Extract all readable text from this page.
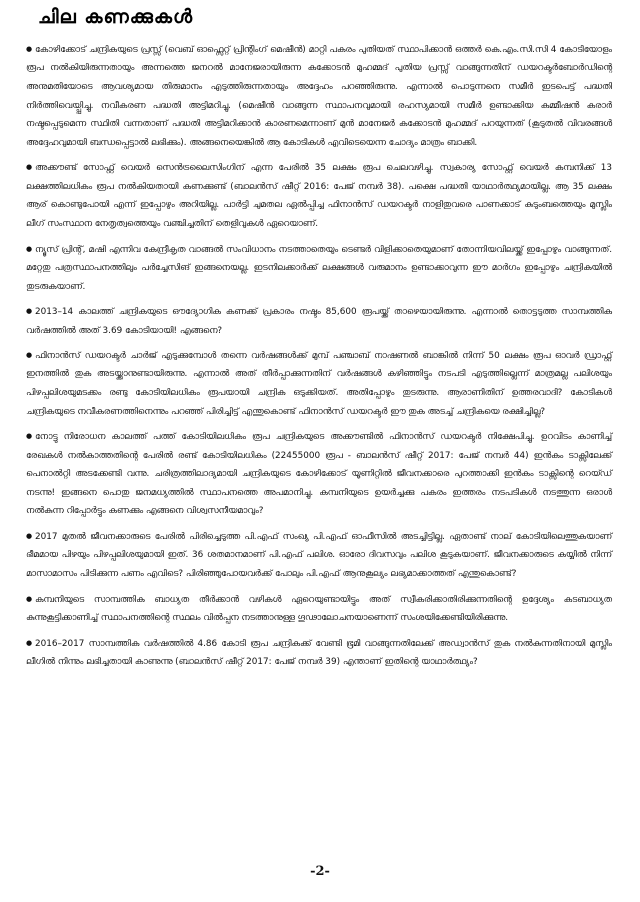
ചില കണക്കുകൾ

● കോഴിക്കോട് ചന്ദ്രികയുടെ പ്രസ്സ് (വെബ് ഓഫ്സെറ്റ് പ്രിന്റിംഗ് മെഷീൻ) മാറ്റി പകരം പുതിയത് സ്ഥാപിക്കാൻ ഒത്തർ കെ.എം.സി.സി 4 കോടിയോളം രൂപ നൽകിയിരുന്നതായും അന്നത്തെ ജനറൽ മാനേജരായിരുന്ന കക്കോടൻ മുഹമ്മദ് പുതിയ പ്രസ്സ് വാങ്ങുന്നതിന് ഡയറക്ടർബോർഡിന്റെ അനുമതിയോടെ ആവശ്യമായ തിരുമാനം എടുത്തിരുന്നതായും അദ്ദേഹം പറഞ്ഞിരുന്നു. എന്നാൽ പൊടുന്നനെ സമീർ ഇടപെട്ട് പദ്ധതി നിർത്തിവെയ്പ്പിച്ചു. നവീകരണ പദ്ധതി അട്ടിമറിച്ചു. (മെഷീൻ വാങ്ങുന്ന സ്ഥാപനവുമായി രഹസ്യമായി സമീർ ഉണ്ടാക്കിയ കമ്മീഷൻ കരാർ നഷ്ടപ്പെടുമെന്ന സ്ഥിതി വന്നതാണ് പദ്ധതി അട്ടിമറിക്കാൻ കാരണമെന്നാണ് മുൻ മാനേജർ കക്കോടൻ മുഹമ്മദ് പറയുന്നത് (കൂടുതൽ വിവരങ്ങൾ അദ്ദേഹവുമായി ബന്ധപ്പെട്ടാൽ ലഭിക്കും). അങ്ങനെയെങ്കിൽ ആ കോടികൾ എവിടെയെന്ന ചോദ്യം മാത്രം ബാക്കി.

● അക്കൗണ്ട് സോഫ്റ്റ് വെയർ സെൻട്രലൈസിംഗിന് എന്ന പേരിൽ 35 ലക്ഷം രൂപ ചെലവഴിച്ചു. സ്വകാര്യ സോഫ്റ്റ് വെയർ കമ്പനിക്ക് 13 ലക്ഷത്തിലധികം രൂപ നൽകിയതായി കണക്കുണ്ട് (ബാലൻസ് ഷീറ്റ് 2016: പേജ് നമ്പർ 38). പക്ഷെ പദ്ധതി യാഥാർത്ഥ്യമായില്ല. ആ 35 ലക്ഷം ആര് കൊണ്ടുപോയി എന്ന് ഇപ്പോഴും അറിയില്ല. പാർട്ടി ചുമതല ഏൽപ്പിച്ച ഫിനാൻസ് ഡയറക്ടർ നാളിതുവരെ പാണക്കാട് കുടുംബത്തെയും മുസ്ലിം ലീഗ് സംസ്ഥാന നേതൃത്വത്തെയും വഞ്ചിച്ചതിന് തെളിവുകൾ ഏറെയാണ്.

● ന്യൂസ് പ്രിന്റ്, മഷി എന്നിവ കേന്ദ്രീകൃത വാങ്ങൽ സംവിധാനം നടത്താതെയും ടെണ്ടർ വിളിക്കാതെയുമാണ് തോന്നിയവിലയ്ക്ക് ഇപ്പോഴും വാങ്ങുന്നത്. മറ്റേതു പത്രസ്ഥാപനത്തിലും പർച്ചേസിങ് ഇങ്ങനെയല്ല. ഇടനിലക്കാർക്ക് ലക്ഷങ്ങൾ വരുമാനം ഉണ്ടാക്കാവുന്ന ഈ മാർഗം ഇപ്പോഴും ചന്ദ്രികയിൽ തുടരുകയാണ്.

● 2013–14 കാലത്ത് ചന്ദ്രികയുടെ ഔദ്യോഗിക കണക്ക് പ്രകാരം നഷ്ടം 85,600 രൂപയ്ക്ക് താഴെയായിരുന്നു. എന്നാൽ തൊട്ടടുത്ത സാമ്പത്തിക വർഷത്തിൽ അത് 3.69 കോടിയായി! എങ്ങനെ?

● ഫിനാൻസ് ഡയറക്ടർ ചാർജ് എടുക്കുമ്പോൾ തന്നെ വർഷങ്ങൾക്ക് മുമ്പ് പഞ്ചാബ് നാഷണൽ ബാങ്കിൽ നിന്ന് 50 ലക്ഷം രൂപ ഓവർ ഡ്രാഫ്റ്റ് ഇനത്തിൽ തുക അടയ്ക്കാനുണ്ടായിരുന്നു. എന്നാൽ അത് തീർപ്പാക്കുന്നതിന് വർഷങ്ങൾ കഴിഞ്ഞിട്ടും നടപടി എടുത്തില്ലെന്ന് മാത്രമല്ല പലിശയും പിഴപ്പലിശയുമടക്കം രണ്ടു കോടിയിലധികം രൂപയായി ചന്ദ്രിക ഒടുക്കിയത്. അതിപ്പോഴും തുടരുന്നു. ആരാണിതിന് ഉത്തരവാദി? കോടികൾ ചന്ദ്രികയുടെ നവീകരണത്തിനെന്നും പറഞ്ഞ് പിരിച്ചിട്ട് എന്തുകൊണ്ട് ഫിനാൻസ് ഡയറക്ടർ ഈ തുക അടച്ച് ചന്ദ്രികയെ രക്ഷിച്ചില്ല?

● നോട്ടു നിരോധന കാലത്ത് പത്ത് കോടിയിലധികം രൂപ ചന്ദ്രികയുടെ അക്കൗണ്ടിൽ ഫിനാൻസ് ഡയറക്ടർ നിക്ഷേപിച്ചു. ഉറവിടം കാണിച്ച് രേഖകൾ നൽകാത്തതിന്റെ പേരിൽ രണ്ട് കോടിയിലധികം (22455000 രൂപ - ബാലൻസ് ഷീറ്റ് 2017: പേജ് നമ്പർ 44) ഇൻകം ടാക്സിലേക്ക് പെനാൽറ്റി അടക്കേണ്ടി വന്നു. ചരിത്രത്തിലാദ്യമായി ചന്ദ്രികയുടെ കോഴിക്കോട് യൂണിറ്റിൽ ജീവനക്കാരെ പുറത്താക്കി ഇൻകം ടാക്സിന്റെ റെയ്ഡ് നടന്നു! ഇങ്ങനെ പൊതു ജനമധ്യത്തിൽ സ്ഥാപനത്തെ അപമാനിച്ചു. കമ്പനിയുടെ ഉയർച്ചക്കു പകരം ഇത്തരം നടപടികൾ നടത്തുന്ന ഒരാൾ നൽകുന്ന റിപ്പോർട്ടും കണക്കും എങ്ങനെ വിശ്വസനീയമാവും?

● 2017 മുതൽ ജീവനക്കാരുടെ പേരിൽ പിരിച്ചെടുത്ത പി.എഫ് സംഖ്യ പി.എഫ് ഓഫീസിൽ അടച്ചിട്ടില്ല. ഏതാണ്ട് നാല് കോടിയിലെത്തുകയാണ് ഭീമമായ പിഴയും പിഴപ്പലിശയുമായി ഇത്. 36 ശതമാനമാണ് പി.എഫ് പലിശ. ഓരോ ദിവസവും പലിശ കൂടുകയാണ്. ജീവനക്കാരുടെ കയ്യിൽ നിന്ന് മാസാമാസം പിടിക്കുന്ന പണം എവിടെ? പിരിഞ്ഞുപോയവർക്ക് പോലും പി.എഫ് ആനുകൂല്യം ലഭ്യമാക്കാത്തത് എന്തുകൊണ്ട്?

● കമ്പനിയുടെ സാമ്പത്തിക ബാധ്യത തീർക്കാൻ വഴികൾ ഏറെയുണ്ടായിട്ടും അത് സ്വീകരിക്കാതിരിക്കുന്നതിന്റെ ഉദ്ദേശ്യം കടബാധ്യത കുന്നുകൂട്ടിക്കാണിച്ച് സ്ഥാപനത്തിന്റെ സ്ഥലം വിൽപ്പന നടത്താനുള്ള ഗൂഢാലോചനയാണെന്ന് സംശയിക്കേണ്ടിയിരിക്കുന്നു.

● 2016–2017 സാമ്പത്തിക വർഷത്തിൽ 4.86 കോടി രൂപ ചന്ദ്രികക്ക് വേണ്ടി ഭൂമി വാങ്ങുന്നതിലേക്ക് അഡ്വാൻസ് തുക നൽകുന്നതിനായി മുസ്ലിം ലീഗിൽ നിന്നും ലഭിച്ചതായി കാണുന്നു (ബാലൻസ് ഷീറ്റ് 2017: പേജ് നമ്പർ 39) എന്താണ് ഇതിന്റെ യാഥാർത്ഥ്യം?

-2-
